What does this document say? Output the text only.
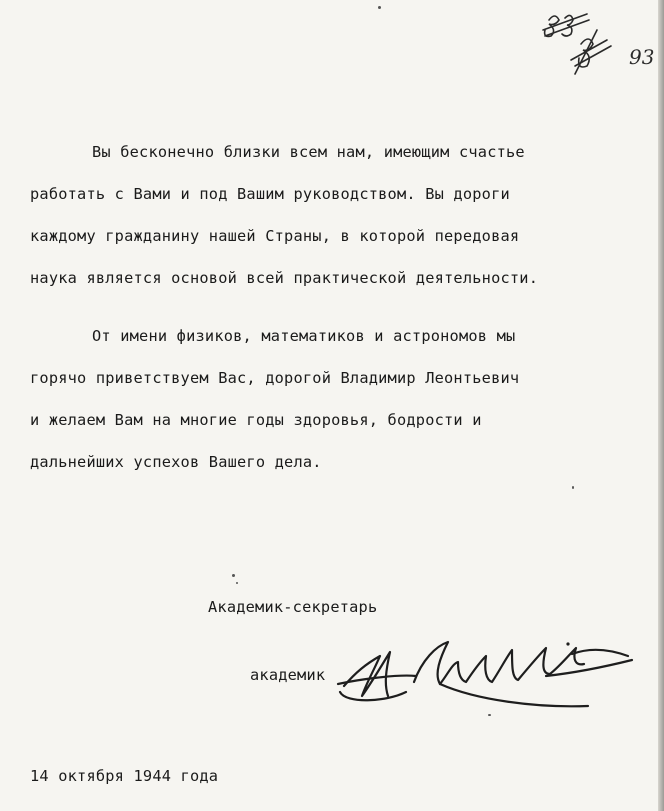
93
Вы бесконечно близки всем нам, имеющим счастье
работать с Вами и под Вашим руководством. Вы дороги
каждому гражданину нашей Страны, в которой передовая
наука является основой всей практической деятельности.
От имени физиков, математиков и астрономов мы
горячо приветствуем Вас, дорогой Владимир Леонтьевич
и желаем Вам на многие годы здоровья, бодрости и
дальнейших успехов Вашего дела.
Академик-секретарь
академик
14 октября 1944 года
